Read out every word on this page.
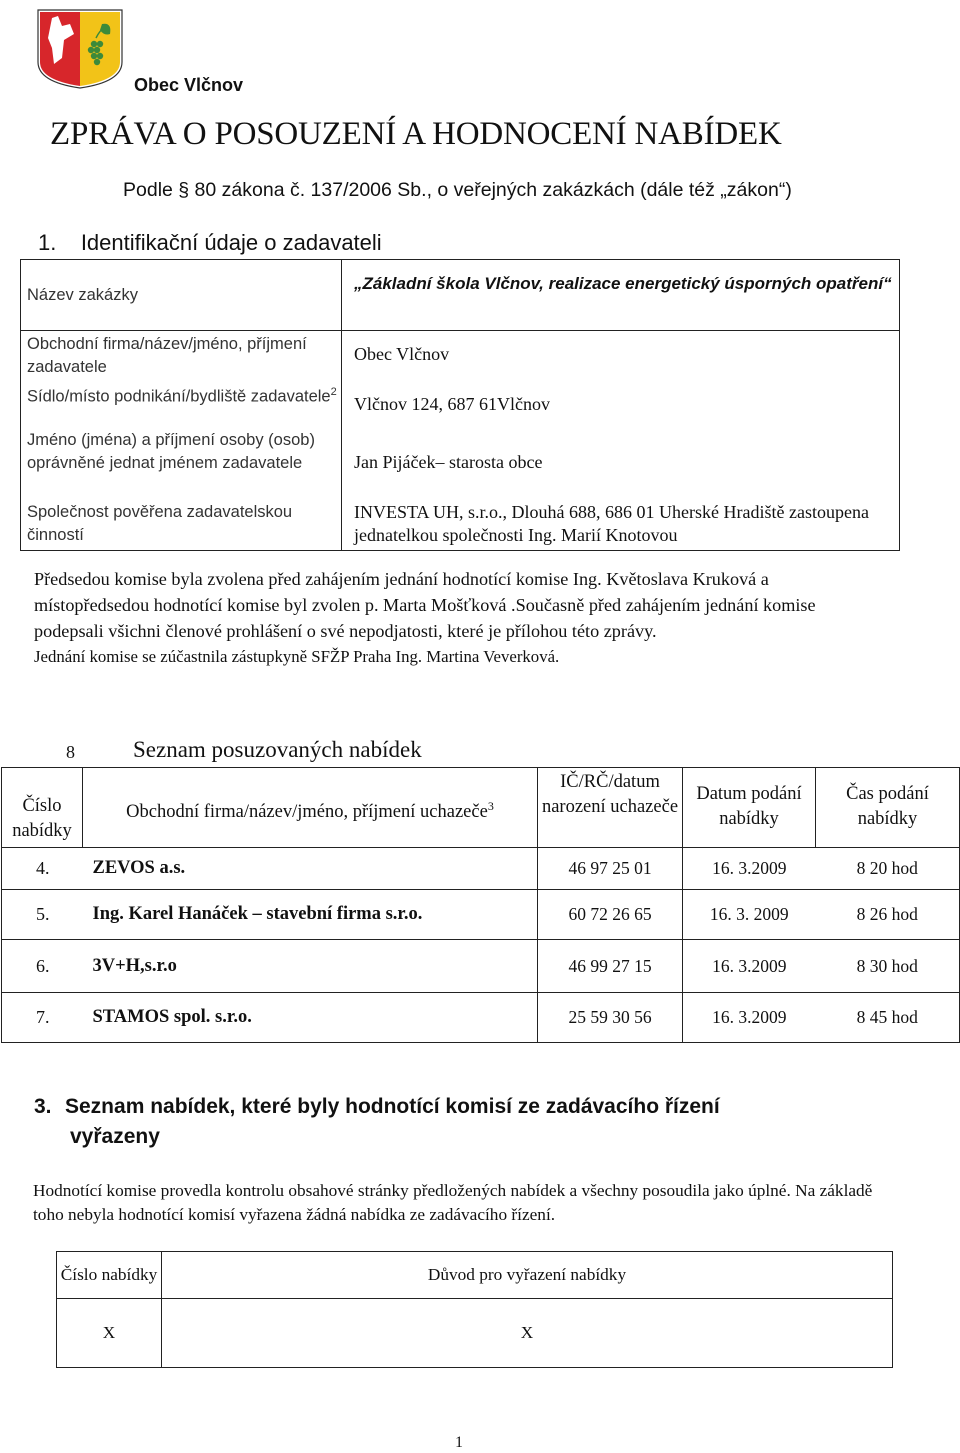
Obec Vlčnov
ZPRÁVA O POSOUZENÍ A HODNOCENÍ NABÍDEK
Podle § 80 zákona č. 137/2006 Sb., o veřejných zakázkách (dále též „zákon“)
1. Identifikační údaje o zadavateli
Název zakázky	„Základní škola Vlčnov, realizace energetický úsporných opatření“
Obchodní firma/název/jméno, příjmení zadavatele	Obec Vlčnov
Sídlo/místo podnikání/bydliště zadavatele$^2$	Vlčnov 124, 687 61Vlčnov
Jméno (jména) a příjmení osoby (osob) oprávněné jednat jménem zadavatele	Jan Pijáček– starosta obce
Společnost pověřena zadavatelskou činností	INVESTA UH, s.r.o., Dlouhá 688, 686 01 Uherské Hradiště zastoupena jednatelkou společnosti Ing. Marií Knotovou

Předsedou komise byla zvolena před zahájením jednání hodnotící komise Ing. Květoslava Kruková a místopředsedou hodnotící komise byl zvolen p. Marta Mošťková .Současně před zahájením jednání komise podepsali všichni členové prohlášení o své nepodjatosti, které je přílohou této zprávy.

Jednání komise se zúčastnila zástupkyně SFŽP Praha Ing. Martina Veverková.

8	Seznam posuzovaných nabídek
Číslo nabídky	Obchodní firma/název/jméno, příjmení uchazeče$^3$	IČ/RČ/datum narození uchazeče	Datum podání nabídky	Čas podání nabídky
4.	ZEVOS a.s.	46 97 25 01	16. 3.2009	8 20 hod
5.	Ing. Karel Hanáček – stavební firma s.r.o.	60 72 26 65	16. 3. 2009	8 26 hod
6.	3V+H,s.r.o	46 99 27 15	16. 3.2009	8 30 hod
7.	STAMOS spol. s.r.o.	25 59 30 56	16. 3.2009	8 45 hod
3. Seznam nabídek, které byly hodnotící komisí ze zadávacího řízení
vyřazeny
Hodnotící komise provedla kontrolu obsahové stránky předložených nabídek a všechny posoudila jako úplné. Na základě toho nebyla hodnotící komisí vyřazena žádná nabídka ze zadávacího řízení.
Číslo nabídky	Důvod pro vyřazení nabídky
X	X
1
